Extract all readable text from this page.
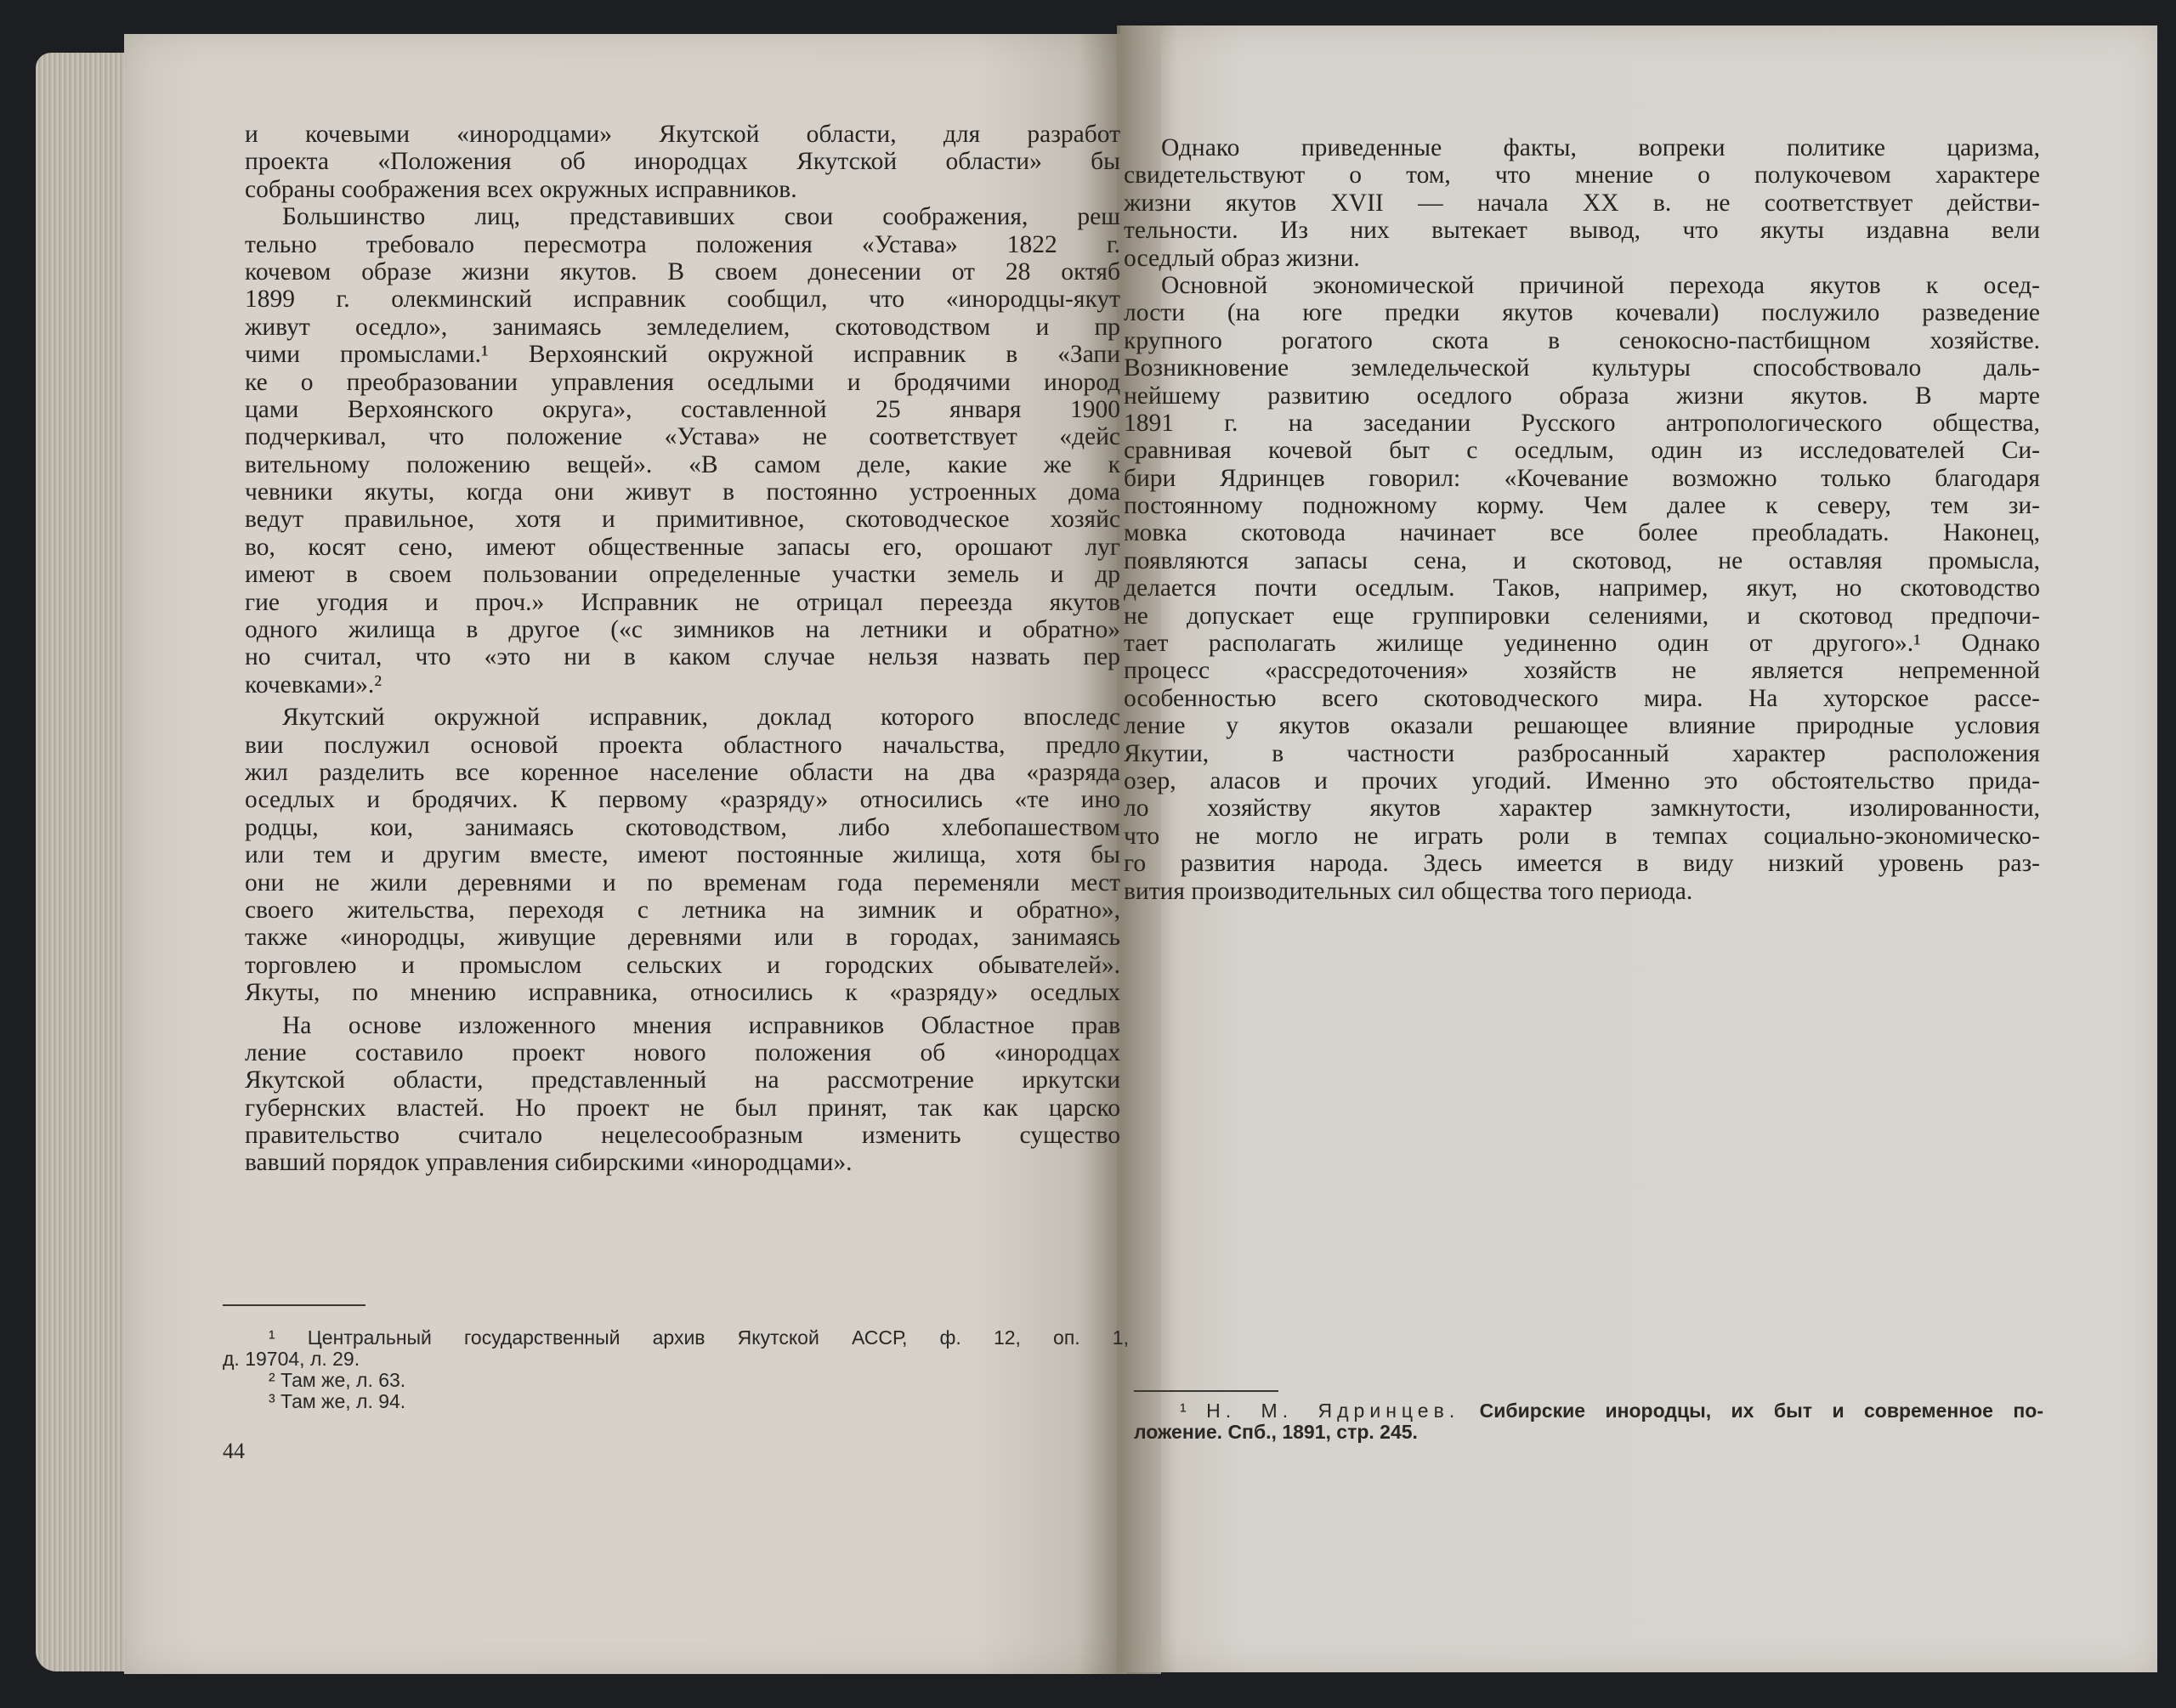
и кочевыми «инородцами» Якутской области, для разработ
проекта «Положения об инородцах Якутской области» бы
собраны соображения всех окружных исправников.
Большинство лиц, представивших свои соображения, реш
тельно требовало пересмотра положения «Устава» 1822 г.
кочевом образе жизни якутов. В своем донесении от 28 октяб
1899 г. олекминский исправник сообщил, что «инородцы-якут
живут оседло», занимаясь земледелием, скотоводством и пр
чими промыслами.¹ Верхоянский окружной исправник в «Запи
ке о преобразовании управления оседлыми и бродячими инород
цами Верхоянского округа», составленной 25 января 1900
подчеркивал, что положение «Устава» не соответствует «дейс
вительному положению вещей». «В самом деле, какие же к
чевники якуты, когда они живут в постоянно устроенных дома
ведут правильное, хотя и примитивное, скотоводческое хозяйс
во, косят сено, имеют общественные запасы его, орошают луг
имеют в своем пользовании определенные участки земель и др
гие угодия и проч.» Исправник не отрицал переезда якутов
одного жилища в другое («с зимников на летники и обратно»
но считал, что «это ни в каком случае нельзя назвать пер
кочевками».²
Якутский окружной исправник, доклад которого впоследс
вии послужил основой проекта областного начальства, предло
жил разделить все коренное население области на два «разряда
оседлых и бродячих. К первому «разряду» относились «те ино
родцы, кои, занимаясь скотоводством, либо хлебопашеством
или тем и другим вместе, имеют постоянные жилища, хотя бы
они не жили деревнями и по временам года переменяли мест
своего жительства, переходя с летника на зимник и обратно»,
также «инородцы, живущие деревнями или в городах, занимаясь
торговлею и промыслом сельских и городских обывателей».
Якуты, по мнению исправника, относились к «разряду» оседлых
На основе изложенного мнения исправников Областное прав
ление составило проект нового положения об «инородцах
Якутской области, представленный на рассмотрение иркутски
губернских властей. Но проект не был принят, так как царско
правительство считало нецелесообразным изменить существо
вавший порядок управления сибирскими «инородцами».
Однако приведенные факты, вопреки политике царизма,
свидетельствуют о том, что мнение о полукочевом характере
жизни якутов XVII — начала XX в. не соответствует действи-
тельности. Из них вытекает вывод, что якуты издавна вели
оседлый образ жизни.
Основной экономической причиной перехода якутов к осед-
лости (на юге предки якутов кочевали) послужило разведение
крупного рогатого скота в сенокосно-пастбищном хозяйстве.
Возникновение земледельческой культуры способствовало даль-
нейшему развитию оседлого образа жизни якутов. В марте
1891 г. на заседании Русского антропологического общества,
сравнивая кочевой быт с оседлым, один из исследователей Си-
бири Ядринцев говорил: «Кочевание возможно только благодаря
постоянному подножному корму. Чем далее к северу, тем зи-
мовка скотовода начинает все более преобладать. Наконец,
появляются запасы сена, и скотовод, не оставляя промысла,
делается почти оседлым. Таков, например, якут, но скотоводство
не допускает еще группировки селениями, и скотовод предпочи-
тает располагать жилище уединенно один от другого».¹ Однако
процесс «рассредоточения» хозяйств не является непременной
особенностью всего скотоводческого мира. На хуторское рассе-
ление у якутов оказали решающее влияние природные условия
Якутии, в частности разбросанный характер расположения
озер, аласов и прочих угодий. Именно это обстоятельство прида-
ло хозяйству якутов характер замкнутости, изолированности,
что не могло не играть роли в темпах социально-экономическо-
го развития народа. Здесь имеется в виду низкий уровень раз-
вития производительных сил общества того периода.
¹ Центральный государственный архив Якутской АССР, ф. 12, оп. 1,
д. 19704, л. 29.
² Там же, л. 63.
³ Там же, л. 94.
44
¹ Н. М. Ядринцев. Сибирские инородцы, их быт и современное по-
ложение. Спб., 1891, стр. 245.
